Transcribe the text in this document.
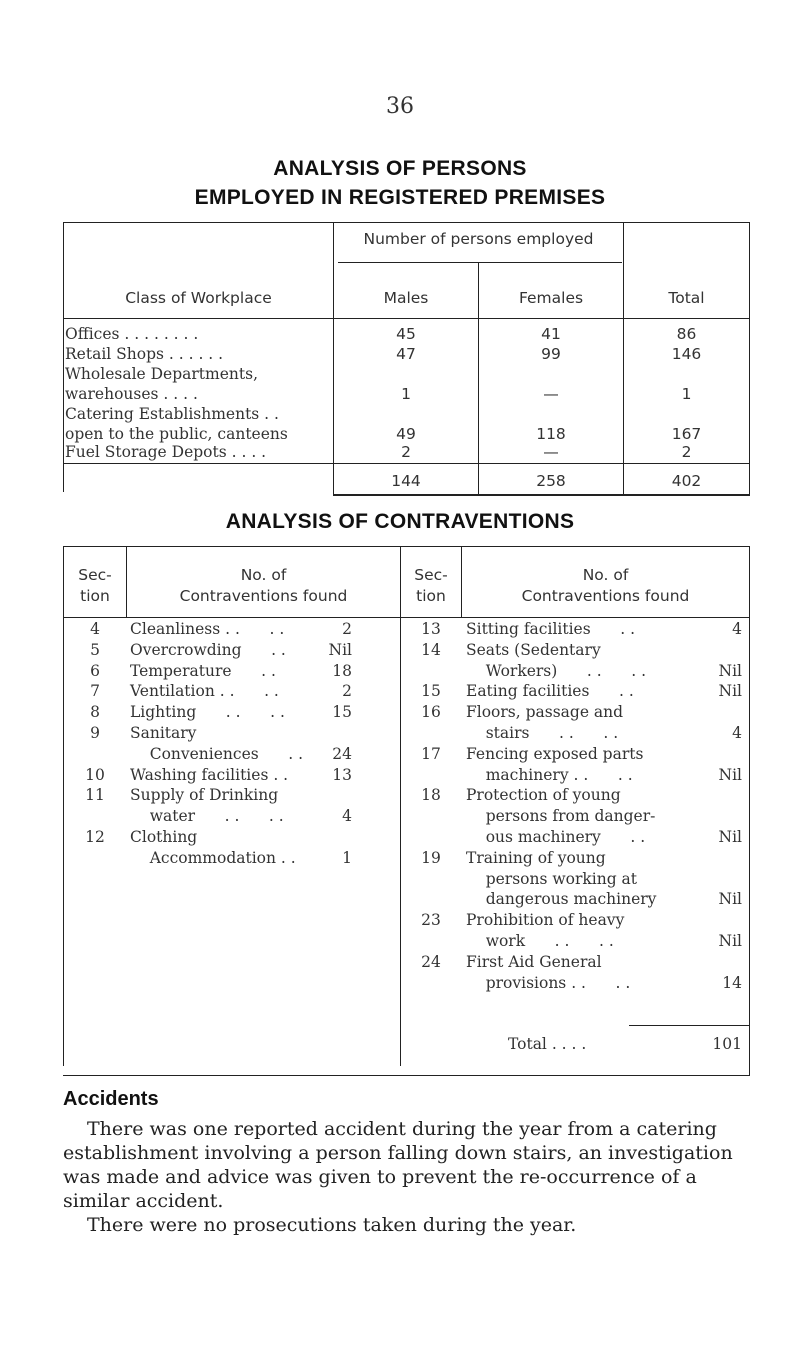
36
ANALYSIS OF PERSONS
EMPLOYED IN REGISTERED PREMISES
Number of persons employed
Class of Workplace	Males	Females	Total
Offices . . . . . . . .	45	41	86
Retail Shops . . . . . .	47	99	146
Wholesale Departments,
warehouses . . . .	1	—	1
Catering Establishments . .
open to the public, canteens	49	118	167
Fuel Storage Depots . . . .	2	—	2
144	258	402
ANALYSIS OF CONTRAVENTIONS
Sec-
tion
No. of
Contraventions found
Sec-
tion
No. of
Contraventions found
4	Cleanliness . .      . .	2
5	Overcrowding      . .	Nil
6	Temperature      . .	18
7	Ventilation . .      . .	2
8	Lighting      . .      . .	15
9	Sanitary
Conveniences      . .	24
10	Washing facilities . .	13
11	Supply of Drinking
water      . .      . .	4
12	Clothing
Accommodation . .	1
13	Sitting facilities      . .	4
14	Seats (Sedentary
Workers)      . .      . .	Nil
15	Eating facilities      . .	Nil
16	Floors, passage and
stairs      . .      . .	4
17	Fencing exposed parts
machinery . .      . .	Nil
18	Protection of young
persons from danger-
ous machinery      . .	Nil
19	Training of young
persons working at
dangerous machinery	Nil
23	Prohibition of heavy
work      . .      . .	Nil
24	First Aid General
provisions . .      . .	14
Total . . . .	101
Accidents
There was one reported accident during the year from a catering establishment involving a person falling down stairs, an investigation was made and advice was given to prevent the re-occurrence of a similar accident.
There were no prosecutions taken during the year.
